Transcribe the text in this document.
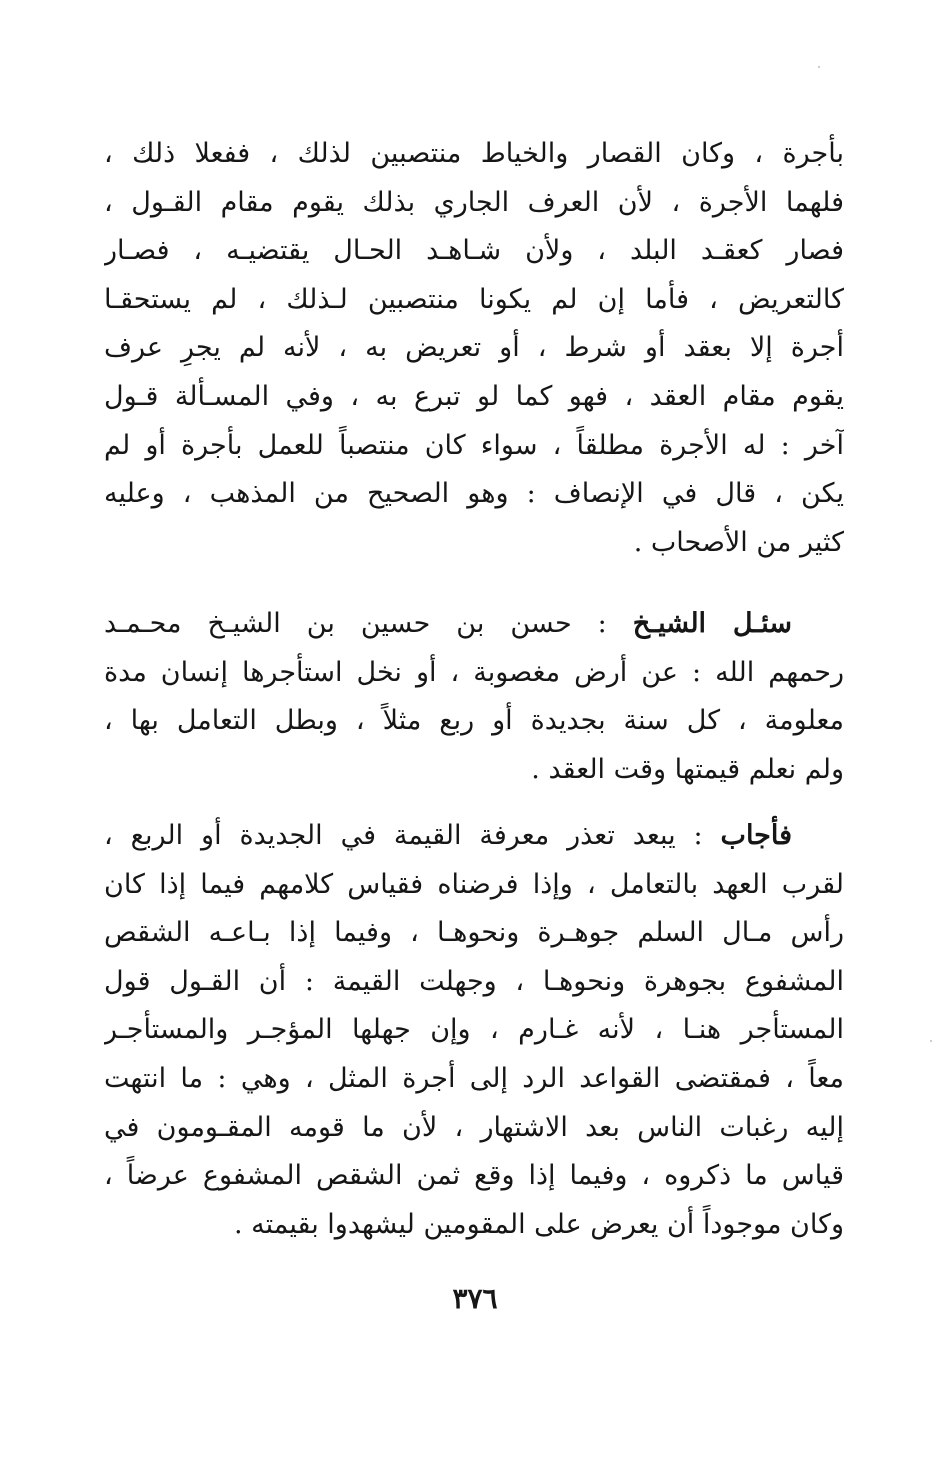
بأجرة ، وكان القصار والخياط منتصبين لذلك ، ففعلا ذلك ،
فلهما الأجرة ، لأن العرف الجاري بذلك يقوم مقام القـول ،
فصار كعقـد البلد ، ولأن شـاهـد الحـال يقتضيـه ، فصـار
كالتعريض ، فأما إن لم يكونا منتصبين لـذلك ، لم يستحقـا
أجرة إلا بعقد أو شرط ، أو تعريض به ، لأنه لم يجرِ عرف
يقوم مقام العقد ، فهو كما لو تبرع به ، وفي المسـألة قـول
آخر : له الأجرة مطلقاً ، سواء كان منتصباً للعمل بأجرة أو لم
يكن ، قال في الإنصاف : وهو الصحيح من المذهب ، وعليه
كثير من الأصحاب .

سئـل الشيـخ : حسن بن حسين بن الشيـخ محـمـد
رحمهم الله : عن أرض مغصوبة ، أو نخل استأجرها إنسان مدة
معلومة ، كل سنة بجديدة أو ربع مثلاً ، وبطل التعامل بها ،
ولم نعلم قيمتها وقت العقد .

فأجاب : يبعد تعذر معرفة القيمة في الجديدة أو الربع ،
لقرب العهد بالتعامل ، وإذا فرضناه فقياس كلامهم فيما إذا كان
رأس مـال السلم جوهـرة ونحوهـا ، وفيما إذا بـاعـه الشقص
المشفوع بجوهرة ونحوهـا ، وجهلت القيمة : أن القـول قول
المستأجر هنـا ، لأنه غـارم ، وإن جهلها المؤجـر والمستأجـر
معاً ، فمقتضى القواعد الرد إلى أجرة المثل ، وهي : ما انتهت
إليه رغبات الناس بعد الاشتهار ، لأن ما قومه المقـومون في
قياس ما ذكروه ، وفيما إذا وقع ثمن الشقص المشفوع عرضاً ،
وكان موجوداً أن يعرض على المقومين ليشهدوا بقيمته .

٣٧٦
